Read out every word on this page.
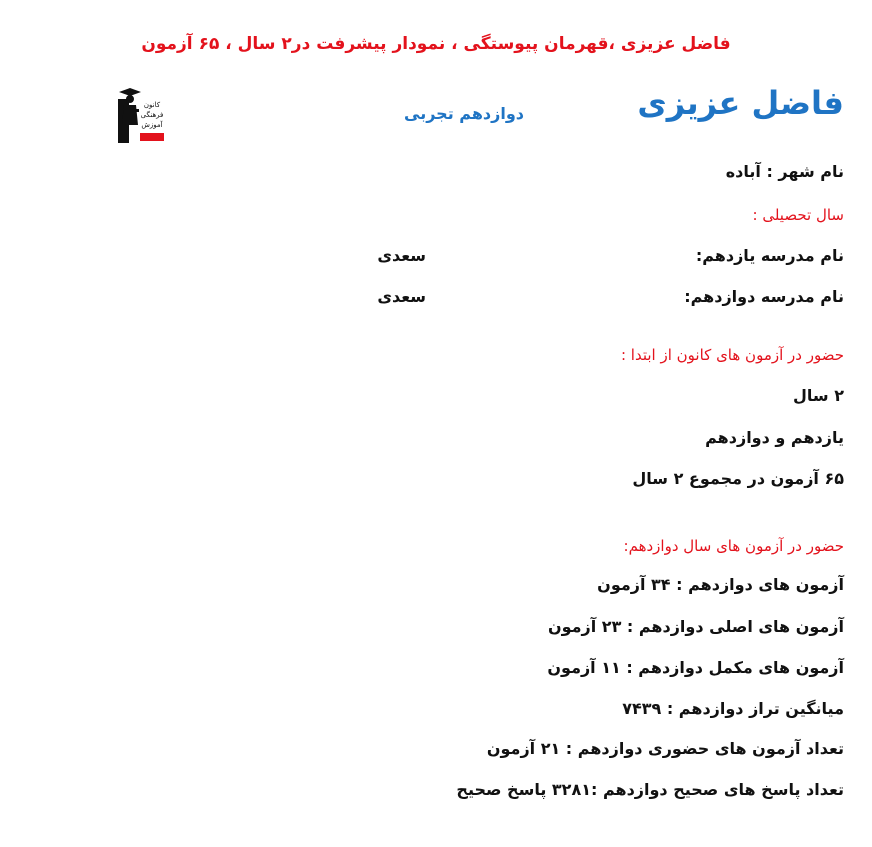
فاضل عزیزی ،قهرمان پیوستگی ، نمودار پیشرفت در۲ سال ، ۶۵ آزمون
فاضل عزیزی
دوازدهم تجربی
کانون
فرهنگی
آموزش
نام شهر : آباده
سال تحصیلی :
نام مدرسه یازدهم:
سعدی
نام مدرسه دوازدهم:
سعدی
حضور در آزمون های کانون از ابتدا :
۲ سال
یازدهم و دوازدهم
۶۵ آزمون در مجموع ۲ سال
حضور در آزمون های سال دوازدهم:
آزمون های دوازدهم : ۳۴ آزمون
آزمون های اصلی دوازدهم : ۲۳ آزمون
آزمون های مکمل دوازدهم : ۱۱ آزمون
میانگین تراز دوازدهم : ۷۴۳۹
تعداد آزمون های حضوری دوازدهم : ۲۱ آزمون
تعداد پاسخ های صحیح دوازدهم :۳۲۸۱ پاسخ صحیح
